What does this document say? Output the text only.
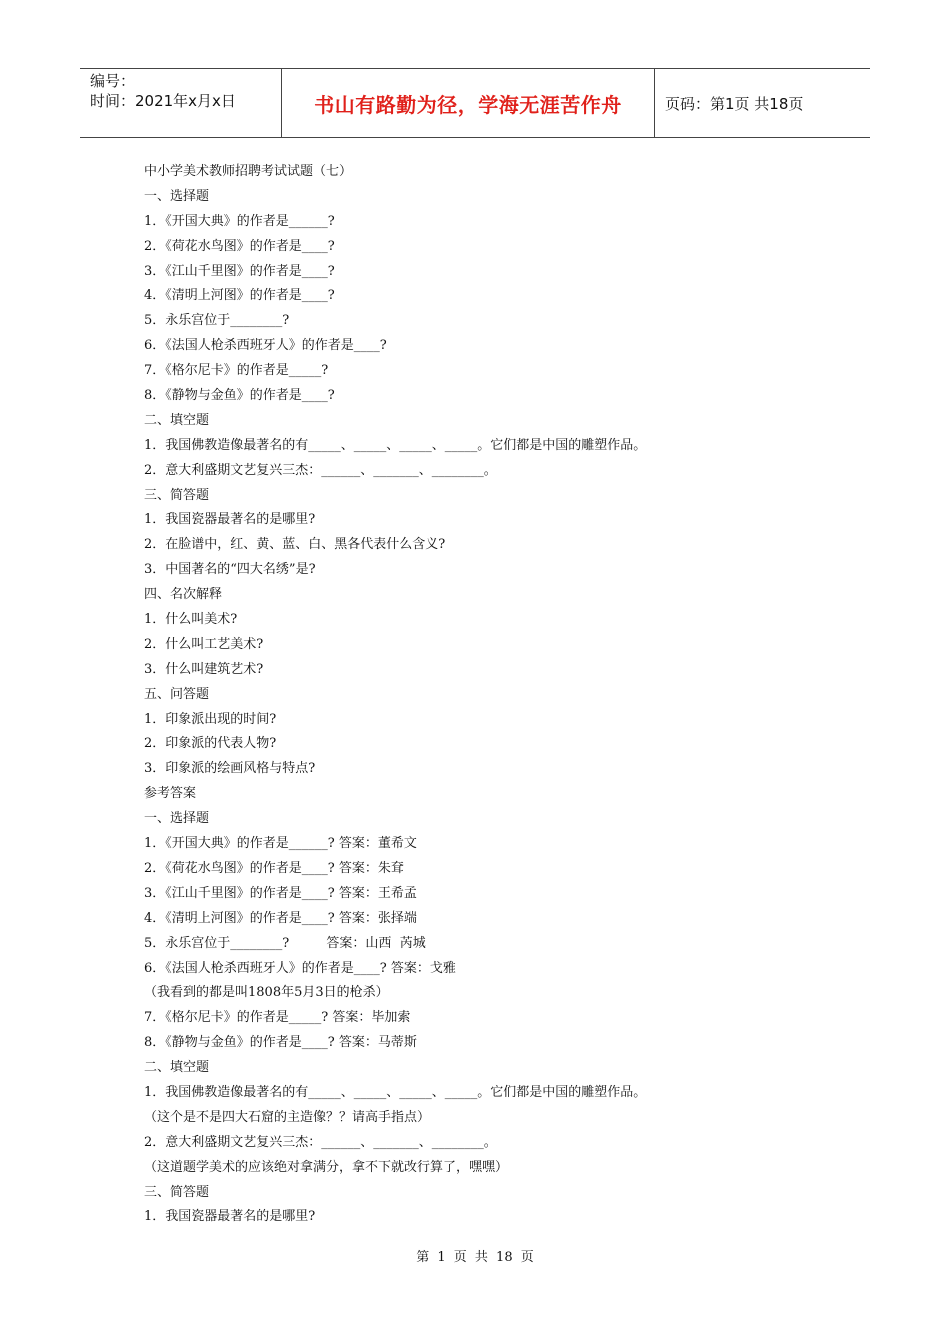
编号：
时间：2021年x月x日	书山有路勤为径，学海无涯苦作舟	页码：第1页 共18页
中小学美术教师招聘考试试题（七）
一、选择题
1．《开国大典》的作者是______?
2．《荷花水鸟图》的作者是____?
3．《江山千里图》的作者是____?
4．《清明上河图》的作者是____?
5．永乐宫位于________?
6．《法国人枪杀西班牙人》的作者是____?
7．《格尔尼卡》的作者是_____?
8．《静物与金鱼》的作者是____?
二、填空题
1．我国佛教造像最著名的有_____、_____、_____、_____。它们都是中国的雕塑作品。
2．意大利盛期文艺复兴三杰：______、_______、________。
三、简答题
1．我国瓷器最著名的是哪里?
2．在脸谱中，红、黄、蓝、白、黑各代表什么含义?
3．中国著名的“四大名绣”是?
四、名次解释
1．什么叫美术?
2．什么叫工艺美术?
3．什么叫建筑艺术?
五、问答题
1．印象派出现的时间?
2．印象派的代表人物?
3．印象派的绘画风格与特点?
参考答案
一、选择题
1．《开国大典》的作者是______? 答案：董希文
2．《荷花水鸟图》的作者是____? 答案：朱耷
3．《江山千里图》的作者是____? 答案：王希孟
4．《清明上河图》的作者是____? 答案：张择端
5．永乐宫位于________?         答案：山西  芮城
6．《法国人枪杀西班牙人》的作者是____? 答案：戈雅
（我看到的都是叫1808年5月3日的枪杀）
7．《格尔尼卡》的作者是_____? 答案：毕加索
8．《静物与金鱼》的作者是____? 答案：马蒂斯
二、填空题
1．我国佛教造像最著名的有_____、_____、_____、_____。它们都是中国的雕塑作品。
（这个是不是四大石窟的主造像？？请高手指点）
2．意大利盛期文艺复兴三杰：______、_______、________。
（这道题学美术的应该绝对拿满分，拿不下就改行算了，嘿嘿）
三、简答题
1．我国瓷器最著名的是哪里?
第 1 页 共 18 页
